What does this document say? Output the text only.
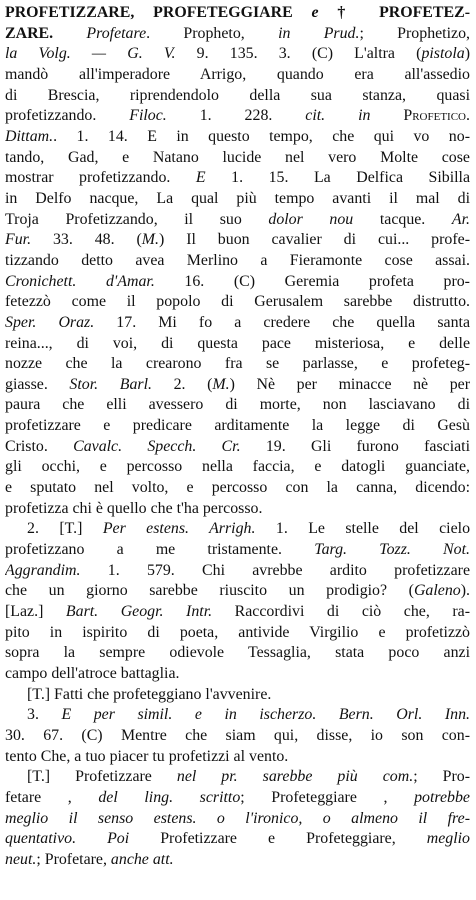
PROFETIZZARE, PROFETEGGIARE e † PROFETEZ-
ZARE. Profetare. Propheto, in Prud.; Prophetizo,
la Volg. — G. V. 9. 135. 3. (C) L'altra (pistola)
mandò all'imperadore Arrigo, quando era all'assedio
di Brescia, riprendendolo della sua stanza, quasi
profetizzando. Filoc. 1. 228. cit. in Profetico.
Dittam.. 1. 14. E in questo tempo, che qui vo no-
tando, Gad, e Natano lucide nel vero Molte cose
mostrar profetizzando. E 1. 15. La Delfica Sibilla
in Delfo nacque, La qual più tempo avanti il mal di
Troja Profetizzando, il suo dolor nou tacque. Ar.
Fur. 33. 48. (M.) Il buon cavalier di cui... profe-
tizzando detto avea Merlino a Fieramonte cose assai.
Cronichett. d'Amar. 16. (C) Geremia profeta pro-
fetezzò come il popolo di Gerusalem sarebbe distrutto.
Sper. Oraz. 17. Mi fo a credere che quella santa
reina..., di voi, di questa pace misteriosa, e delle
nozze che la crearono fra se parlasse, e profeteg-
giasse. Stor. Barl. 2. (M.) Nè per minacce nè per
paura che elli avessero di morte, non lasciavano di
profetizzare e predicare arditamente la legge di Gesù
Cristo. Cavalc. Specch. Cr. 19. Gli furono fasciati
gli occhi, e percosso nella faccia, e datogli guanciate,
e sputato nel volto, e percosso con la canna, dicendo:
profetizza chi è quello che t'ha percosso.
2. [T.] Per estens. Arrigh. 1. Le stelle del cielo
profetizzano a me tristamente. Targ. Tozz. Not.
Aggrandim. 1. 579. Chi avrebbe ardito profetizzare
che un giorno sarebbe riuscito un prodigio? (Galeno).
[Laz.] Bart. Geogr. Intr. Raccordivi di ciò che, ra-
pito in ispirito di poeta, antivide Virgilio e profetizzò
sopra la sempre odievole Tessaglia, stata poco anzi
campo dell'atroce battaglia.
[T.] Fatti che profeteggiano l'avvenire.
3. E per simil. e in ischerzo. Bern. Orl. Inn.
30. 67. (C) Mentre che siam qui, disse, io son con-
tento Che, a tuo piacer tu profetizzi al vento.
[T.] Profetizzare nel pr. sarebbe più com.; Pro-
fetare , del ling. scritto; Profeteggiare , potrebbe
meglio il senso estens. o l'ironico, o almeno il fre-
quentativo. Poi Profetizzare e Profeteggiare, meglio
neut.; Profetare, anche att.
